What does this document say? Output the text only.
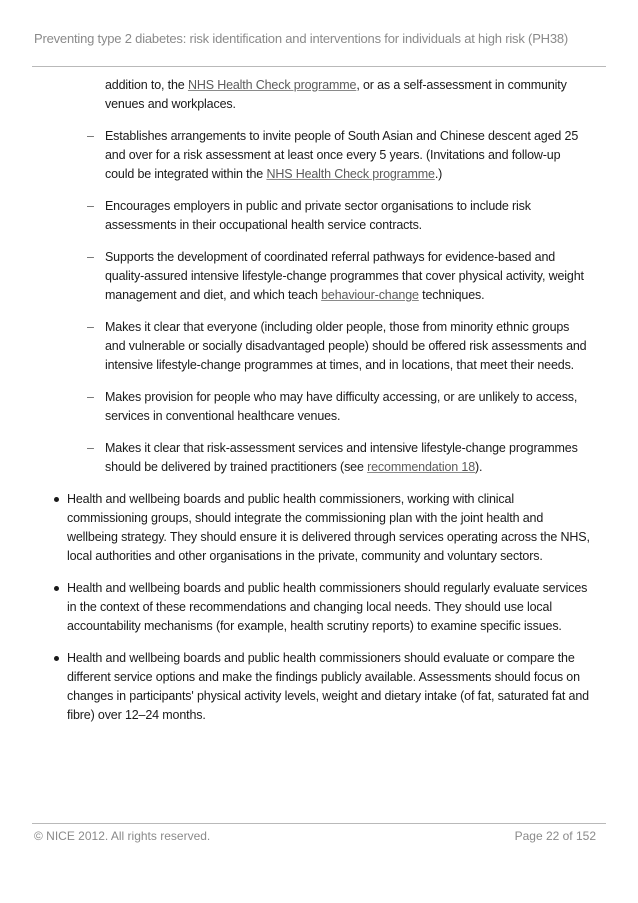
Preventing type 2 diabetes: risk identification and interventions for individuals at high risk (PH38)

addition to, the NHS Health Check programme, or as a self-assessment in community venues and workplaces.

– Establishes arrangements to invite people of South Asian and Chinese descent aged 25 and over for a risk assessment at least once every 5 years. (Invitations and follow-up could be integrated within the NHS Health Check programme.)
– Encourages employers in public and private sector organisations to include risk assessments in their occupational health service contracts.
– Supports the development of coordinated referral pathways for evidence-based and quality-assured intensive lifestyle-change programmes that cover physical activity, weight management and diet, and which teach behaviour-change techniques.
– Makes it clear that everyone (including older people, those from minority ethnic groups and vulnerable or socially disadvantaged people) should be offered risk assessments and intensive lifestyle-change programmes at times, and in locations, that meet their needs.
– Makes provision for people who may have difficulty accessing, or are unlikely to access, services in conventional healthcare venues.
– Makes it clear that risk-assessment services and intensive lifestyle-change programmes should be delivered by trained practitioners (see recommendation 18).
Health and wellbeing boards and public health commissioners, working with clinical commissioning groups, should integrate the commissioning plan with the joint health and wellbeing strategy. They should ensure it is delivered through services operating across the NHS, local authorities and other organisations in the private, community and voluntary sectors.
Health and wellbeing boards and public health commissioners should regularly evaluate services in the context of these recommendations and changing local needs. They should use local accountability mechanisms (for example, health scrutiny reports) to examine specific issues.
Health and wellbeing boards and public health commissioners should evaluate or compare the different service options and make the findings publicly available. Assessments should focus on changes in participants' physical activity levels, weight and dietary intake (of fat, saturated fat and fibre) over 12–24 months.
© NICE 2012. All rights reserved.	Page 22 of 152
